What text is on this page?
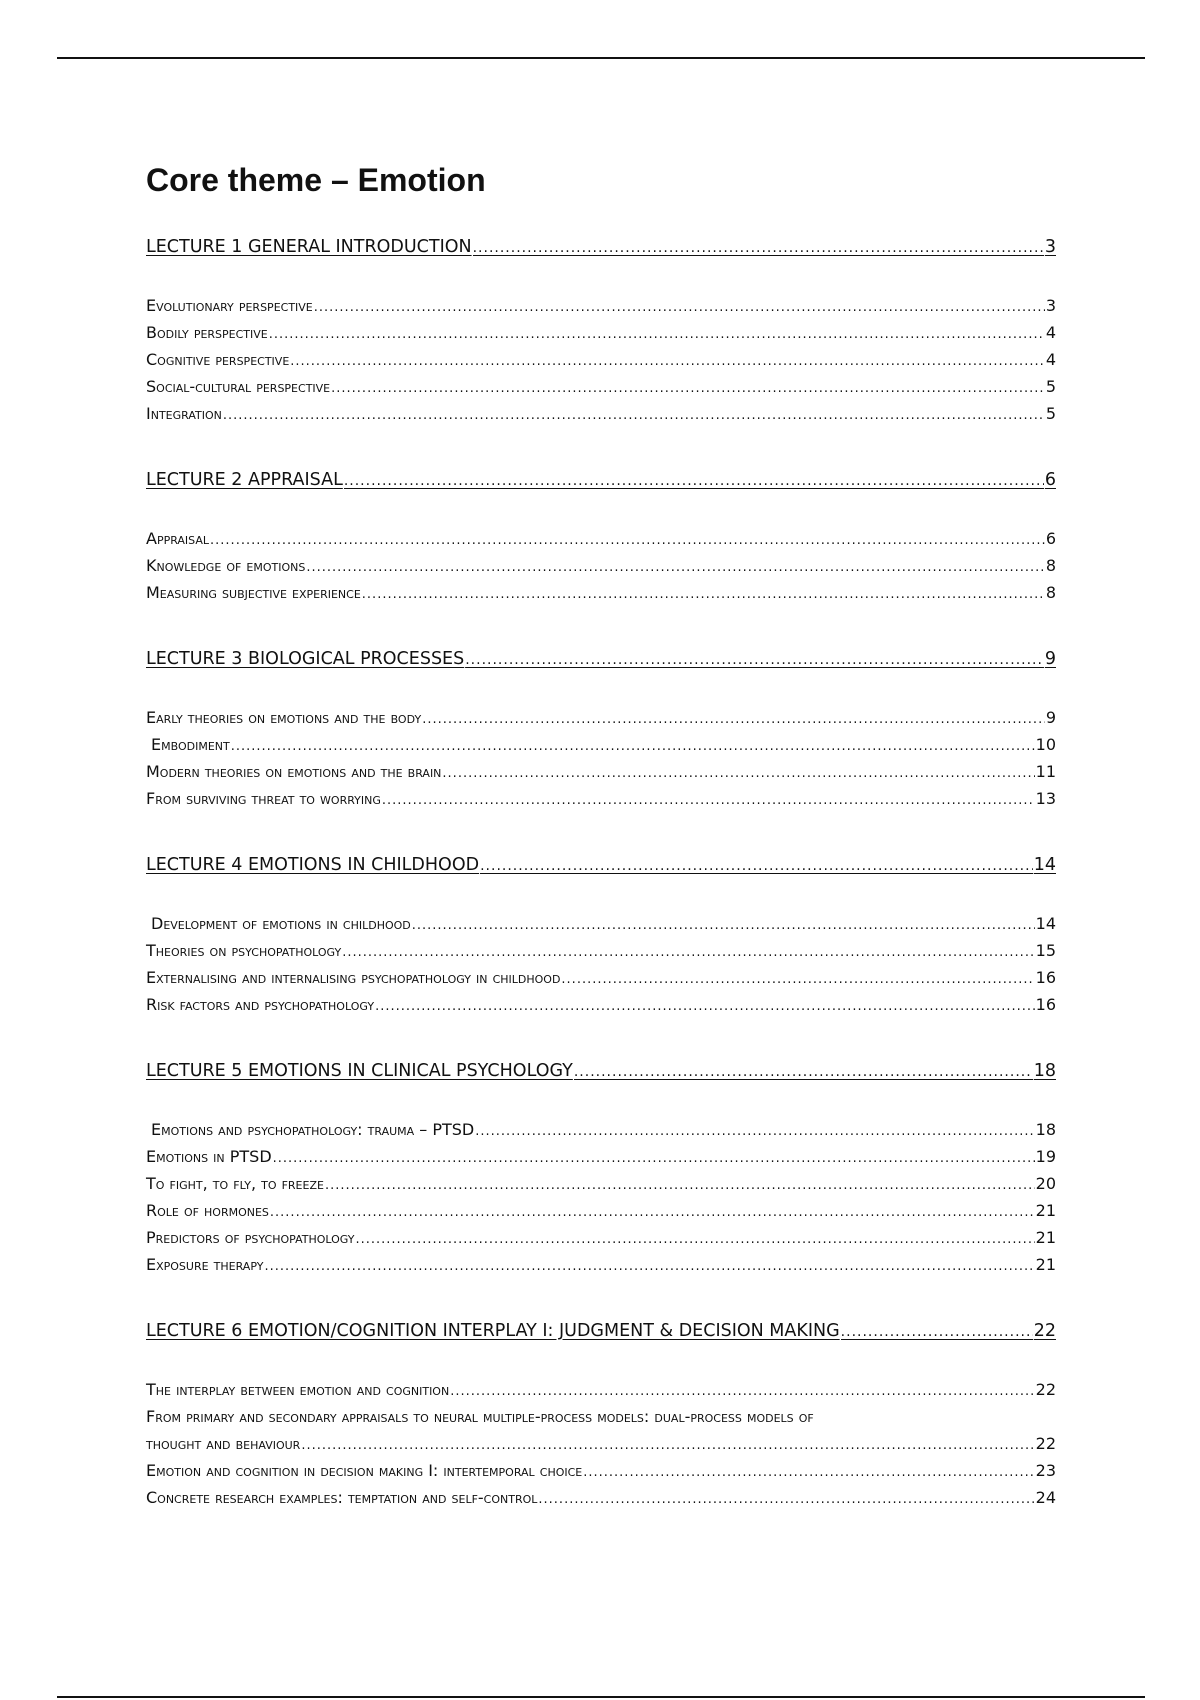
Core theme – Emotion
LECTURE 1 GENERAL INTRODUCTION .....	3
Evolutionary perspective .....	3
Bodily perspective .....	4
Cognitive perspective .....	4
Social-cultural perspective .....	5
Integration .....	5
LECTURE 2 APPRAISAL .....	6
Appraisal .....	6
Knowledge of emotions .....	8
Measuring subjective experience .....	8
LECTURE 3 BIOLOGICAL PROCESSES .....	9
Early theories on emotions and the body .....	9
Embodiment .....	10
Modern theories on emotions and the brain .....	11
From surviving threat to worrying .....	13
LECTURE 4 EMOTIONS IN CHILDHOOD .....	14
Development of emotions in childhood .....	14
Theories on psychopathology .....	15
Externalising and internalising psychopathology in childhood .....	16
Risk factors and psychopathology .....	16
LECTURE 5 EMOTIONS IN CLINICAL PSYCHOLOGY .....	18
Emotions and psychopathology: trauma – PTSD .....	18
Emotions in PTSD .....	19
To fight, to fly, to freeze .....	20
Role of hormones .....	21
Predictors of psychopathology .....	21
Exposure therapy .....	21
LECTURE 6 EMOTION/COGNITION INTERPLAY I: JUDGMENT & DECISION MAKING .....	22
The interplay between emotion and cognition .....	22
From primary and secondary appraisals to neural multiple-process models: dual-process models of
thought and behaviour .....	22
Emotion and cognition in decision making I: intertemporal choice .....	23
Concrete research examples: temptation and self-control .....	24
